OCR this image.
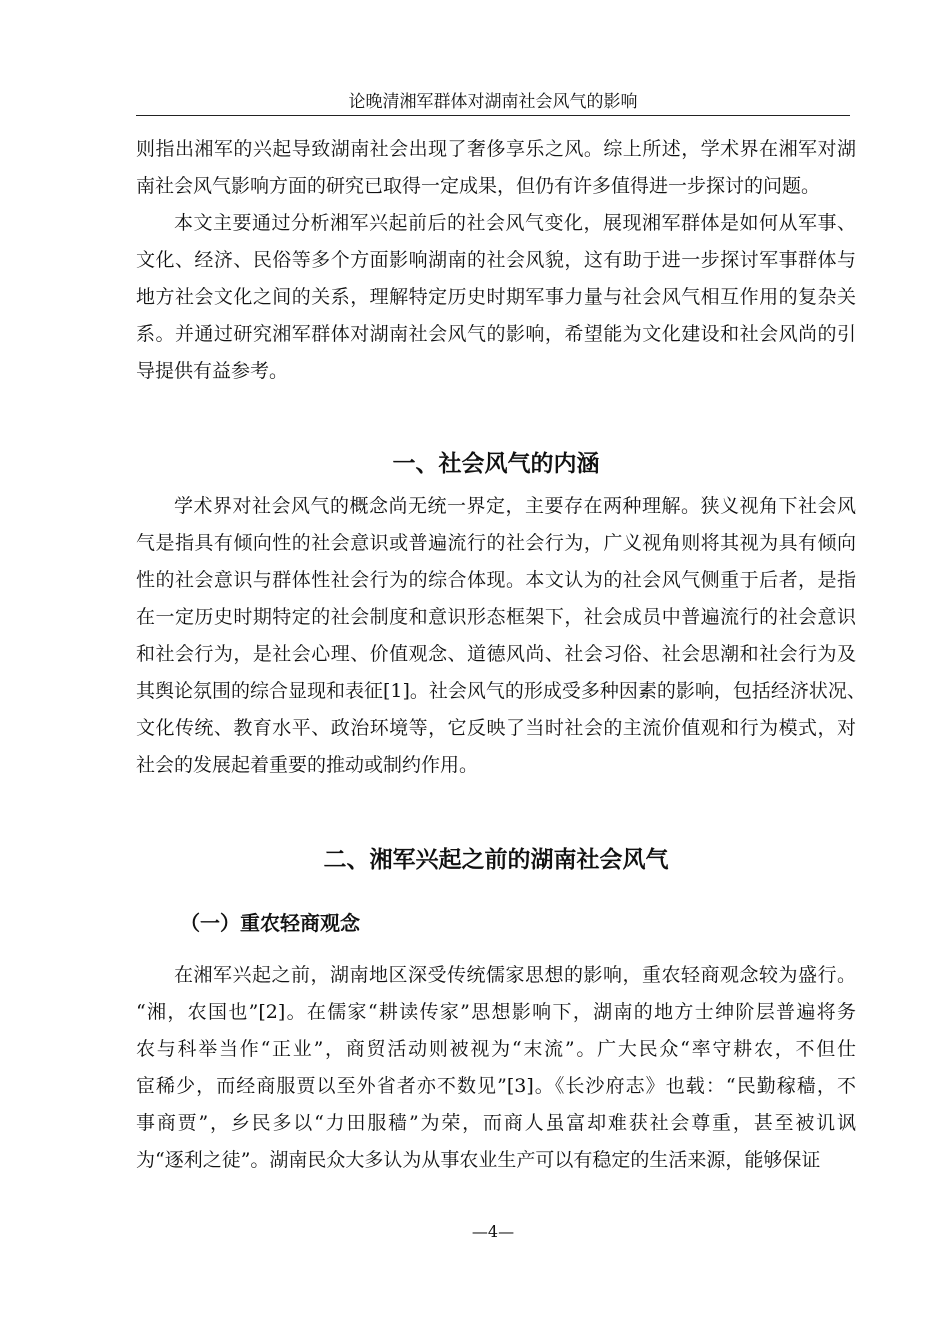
论晚清湘军群体对湖南社会风气的影响
则指出湘军的兴起导致湖南社会出现了奢侈享乐之风。综上所述，学术界在湘军对湖
南社会风气影响方面的研究已取得一定成果，但仍有许多值得进一步探讨的问题。
本文主要通过分析湘军兴起前后的社会风气变化，展现湘军群体是如何从军事、
文化、经济、民俗等多个方面影响湖南的社会风貌，这有助于进一步探讨军事群体与
地方社会文化之间的关系，理解特定历史时期军事力量与社会风气相互作用的复杂关
系。并通过研究湘军群体对湖南社会风气的影响，希望能为文化建设和社会风尚的引
导提供有益参考。
一、社会风气的内涵
学术界对社会风气的概念尚无统一界定，主要存在两种理解。狭义视角下社会风
气是指具有倾向性的社会意识或普遍流行的社会行为，广义视角则将其视为具有倾向
性的社会意识与群体性社会行为的综合体现。本文认为的社会风气侧重于后者，是指
在一定历史时期特定的社会制度和意识形态框架下，社会成员中普遍流行的社会意识
和社会行为，是社会心理、价值观念、道德风尚、社会习俗、社会思潮和社会行为及
其舆论氛围的综合显现和表征[1]。社会风气的形成受多种因素的影响，包括经济状况、
文化传统、教育水平、政治环境等，它反映了当时社会的主流价值观和行为模式，对
社会的发展起着重要的推动或制约作用。
二、湘军兴起之前的湖南社会风气
（一）重农轻商观念
在湘军兴起之前，湖南地区深受传统儒家思想的影响，重农轻商观念较为盛行。
“湘，农国也”[2]。在儒家“耕读传家”思想影响下，湖南的地方士绅阶层普遍将务
农与科举当作“正业”，商贸活动则被视为“末流”。广大民众“率守耕农，不但仕
宦稀少，而经商服贾以至外省者亦不数见”[3]。《长沙府志》也载：“民勤稼穑，不
事商贾”，乡民多以“力田服穑”为荣，而商人虽富却难获社会尊重，甚至被讥讽
为“逐利之徒”。湖南民众大多认为从事农业生产可以有稳定的生活来源，能够保证
—4—
